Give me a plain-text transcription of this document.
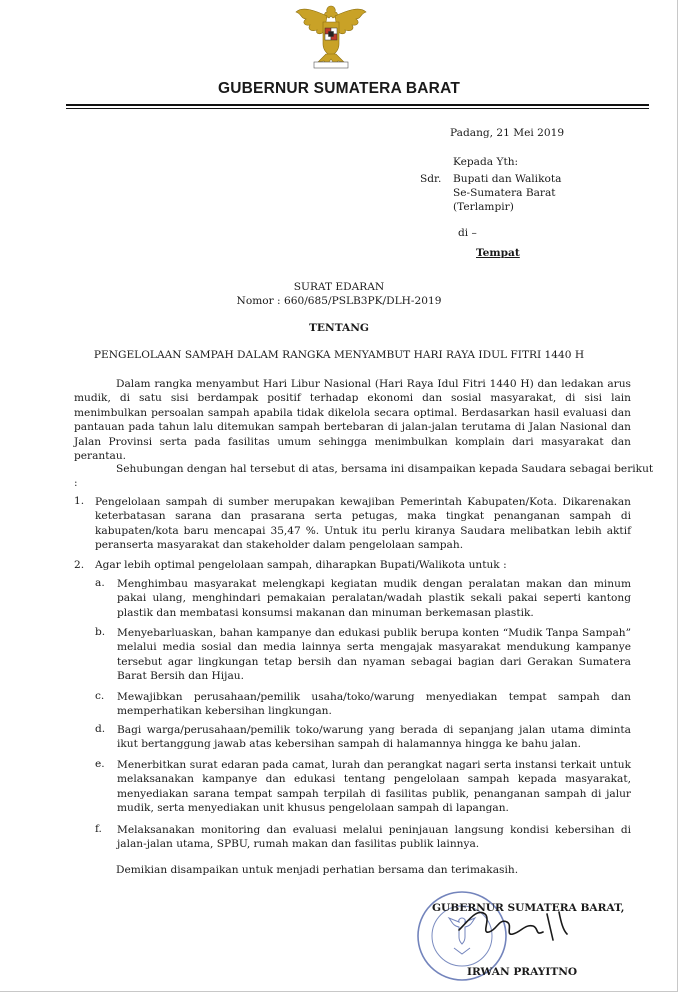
GUBERNUR SUMATERA BARAT
Padang, 21 Mei 2019
Kepada Yth:
Sdr. Bupati dan Walikota
Se-Sumatera Barat
(Terlampir)
di –
Tempat
SURAT EDARAN
Nomor : 660/685/PSLB3PK/DLH-2019
TENTANG
PENGELOLAAN SAMPAH DALAM RANGKA MENYAMBUT HARI RAYA IDUL FITRI 1440 H
Dalam rangka menyambut Hari Libur Nasional (Hari Raya Idul Fitri 1440 H) dan ledakan arus mudik, di satu sisi berdampak positif terhadap ekonomi dan sosial masyarakat, di sisi lain menimbulkan persoalan sampah apabila tidak dikelola secara optimal. Berdasarkan hasil evaluasi dan pantauan pada tahun lalu ditemukan sampah bertebaran di jalan-jalan terutama di Jalan Nasional dan Jalan Provinsi serta pada fasilitas umum sehingga menimbulkan komplain dari masyarakat dan perantau.
Sehubungan dengan hal tersebut di atas, bersama ini disampaikan kepada Saudara sebagai berikut
:
1. Pengelolaan sampah di sumber merupakan kewajiban Pemerintah Kabupaten/Kota. Dikarenakan keterbatasan sarana dan prasarana serta petugas, maka tingkat penanganan sampah di kabupaten/kota baru mencapai 35,47 %. Untuk itu perlu kiranya Saudara melibatkan lebih aktif peranserta masyarakat dan stakeholder dalam pengelolaan sampah.
2. Agar lebih optimal pengelolaan sampah, diharapkan Bupati/Walikota untuk :
a. Menghimbau masyarakat melengkapi kegiatan mudik dengan peralatan makan dan minum pakai ulang, menghindari pemakaian peralatan/wadah plastik sekali pakai seperti kantong plastik dan membatasi konsumsi makanan dan minuman berkemasan plastik.
b. Menyebarluaskan, bahan kampanye dan edukasi publik berupa konten “Mudik Tanpa Sampah” melalui media sosial dan media lainnya serta mengajak masyarakat mendukung kampanye tersebut agar lingkungan tetap bersih dan nyaman sebagai bagian dari Gerakan Sumatera Barat Bersih dan Hijau.
c. Mewajibkan perusahaan/pemilik usaha/toko/warung menyediakan tempat sampah dan memperhatikan kebersihan lingkungan.
d. Bagi warga/perusahaan/pemilik toko/warung yang berada di sepanjang jalan utama diminta ikut bertanggung jawab atas kebersihan sampah di halamannya hingga ke bahu jalan.
e. Menerbitkan surat edaran pada camat, lurah dan perangkat nagari serta instansi terkait untuk melaksanakan kampanye dan edukasi tentang pengelolaan sampah kepada masyarakat, menyediakan sarana tempat sampah terpilah di fasilitas publik, penanganan sampah di jalur mudik, serta menyediakan unit khusus pengelolaan sampah di lapangan.
f. Melaksanakan monitoring dan evaluasi melalui peninjauan langsung kondisi kebersihan di jalan-jalan utama, SPBU, rumah makan dan fasilitas publik lainnya.
Demikian disampaikan untuk menjadi perhatian bersama dan terimakasih.
GUBERNUR SUMATERA BARAT,
IRWAN PRAYITNO
